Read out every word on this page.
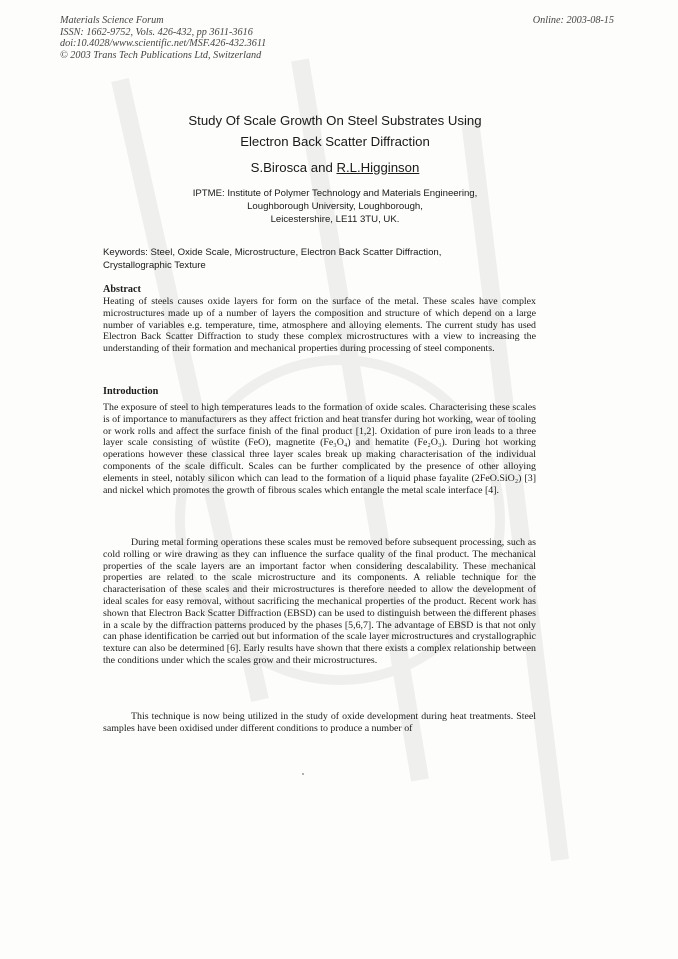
Materials Science Forum
ISSN: 1662-9752, Vols. 426-432, pp 3611-3616
doi:10.4028/www.scientific.net/MSF.426-432.3611
© 2003 Trans Tech Publications Ltd, Switzerland
Online: 2003-08-15
Study Of Scale Growth On Steel Substrates Using
Electron Back Scatter Diffraction
S.Birosca and R.L.Higginson
IPTME: Institute of Polymer Technology and Materials Engineering,
Loughborough University, Loughborough,
Leicestershire, LE11 3TU, UK.
Keywords: Steel, Oxide Scale, Microstructure, Electron Back Scatter Diffraction,
Crystallographic Texture
Abstract
Heating of steels causes oxide layers for form on the surface of the metal. These scales have complex microstructures made up of a number of layers the composition and structure of which depend on a large number of variables e.g. temperature, time, atmosphere and alloying elements. The current study has used Electron Back Scatter Diffraction to study these complex microstructures with a view to increasing the understanding of their formation and mechanical properties during processing of steel components.
Introduction
The exposure of steel to high temperatures leads to the formation of oxide scales. Characterising these scales is of importance to manufacturers as they affect friction and heat transfer during hot working, wear of tooling or work rolls and affect the surface finish of the final product [1,2]. Oxidation of pure iron leads to a three layer scale consisting of wüstite (FeO), magnetite (Fe₃O₄) and hematite (Fe₂O₃). During hot working operations however these classical three layer scales break up making characterisation of the individual components of the scale difficult. Scales can be further complicated by the presence of other alloying elements in steel, notably silicon which can lead to the formation of a liquid phase fayalite (2FeO.SiO₂) [3] and nickel which promotes the growth of fibrous scales which entangle the metal scale interface [4].
During metal forming operations these scales must be removed before subsequent processing, such as cold rolling or wire drawing as they can influence the surface quality of the final product. The mechanical properties of the scale layers are an important factor when considering descalability. These mechanical properties are related to the scale microstructure and its components. A reliable technique for the characterisation of these scales and their microstructures is therefore needed to allow the development of ideal scales for easy removal, without sacrificing the mechanical properties of the product. Recent work has shown that Electron Back Scatter Diffraction (EBSD) can be used to distinguish between the different phases in a scale by the diffraction patterns produced by the phases [5,6,7]. The advantage of EBSD is that not only can phase identification be carried out but information of the scale layer microstructures and crystallographic texture can also be determined [6]. Early results have shown that there exists a complex relationship between the conditions under which the scales grow and their microstructures.
This technique is now being utilized in the study of oxide development during heat treatments. Steel samples have been oxidised under different conditions to produce a number of
